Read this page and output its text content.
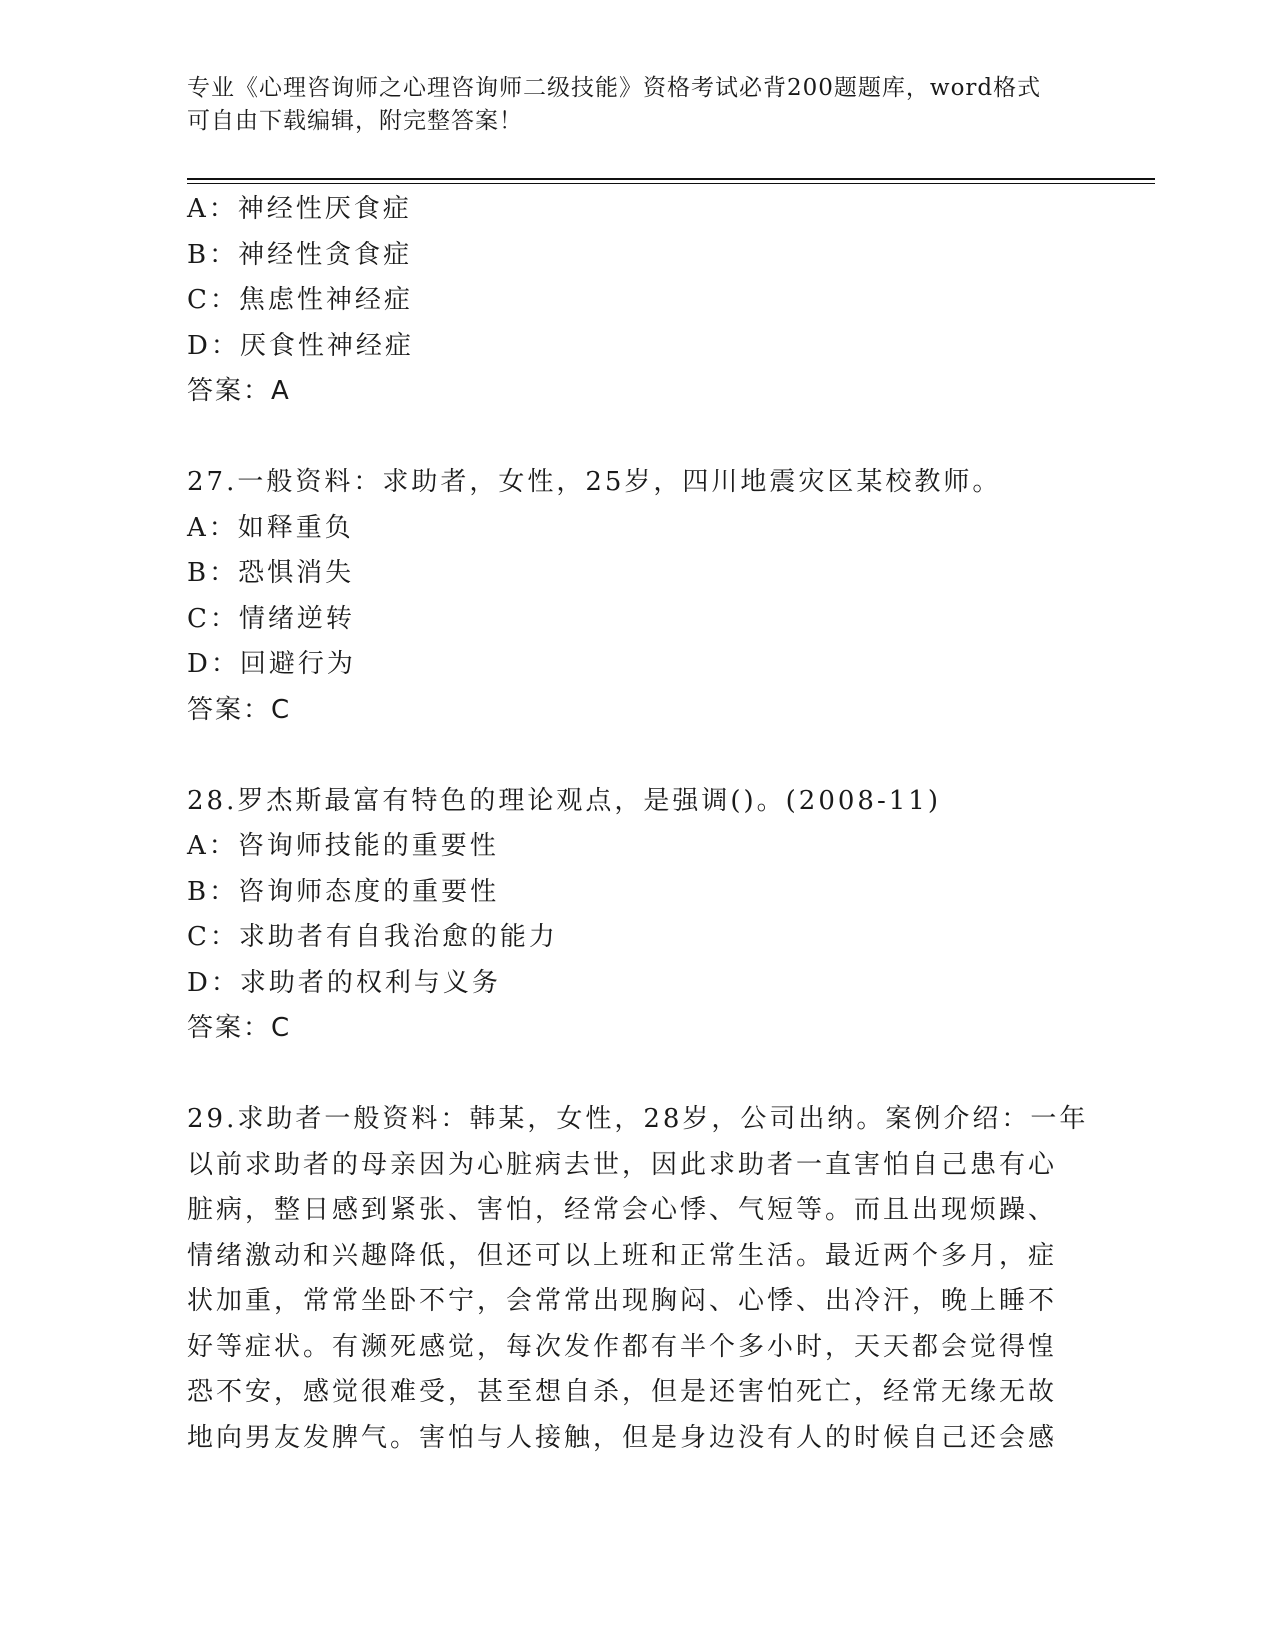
专业《心理咨询师之心理咨询师二级技能》资格考试必背200题题库，word格式
可自由下载编辑，附完整答案！
A：神经性厌食症
B：神经性贪食症
C：焦虑性神经症
D：厌食性神经症
答案：A
27.一般资料：求助者，女性，25岁，四川地震灾区某校教师。
A：如释重负
B：恐惧消失
C：情绪逆转
D：回避行为
答案：C
28.罗杰斯最富有特色的理论观点，是强调()。(2008-11)
A：咨询师技能的重要性
B：咨询师态度的重要性
C：求助者有自我治愈的能力
D：求助者的权利与义务
答案：C
29.求助者一般资料：韩某，女性，28岁，公司出纳。案例介绍：一年
以前求助者的母亲因为心脏病去世，因此求助者一直害怕自己患有心
脏病，整日感到紧张、害怕，经常会心悸、气短等。而且出现烦躁、
情绪激动和兴趣降低，但还可以上班和正常生活。最近两个多月，症
状加重，常常坐卧不宁，会常常出现胸闷、心悸、出冷汗，晚上睡不
好等症状。有濒死感觉，每次发作都有半个多小时，天天都会觉得惶
恐不安，感觉很难受，甚至想自杀，但是还害怕死亡，经常无缘无故
地向男友发脾气。害怕与人接触，但是身边没有人的时候自己还会感
